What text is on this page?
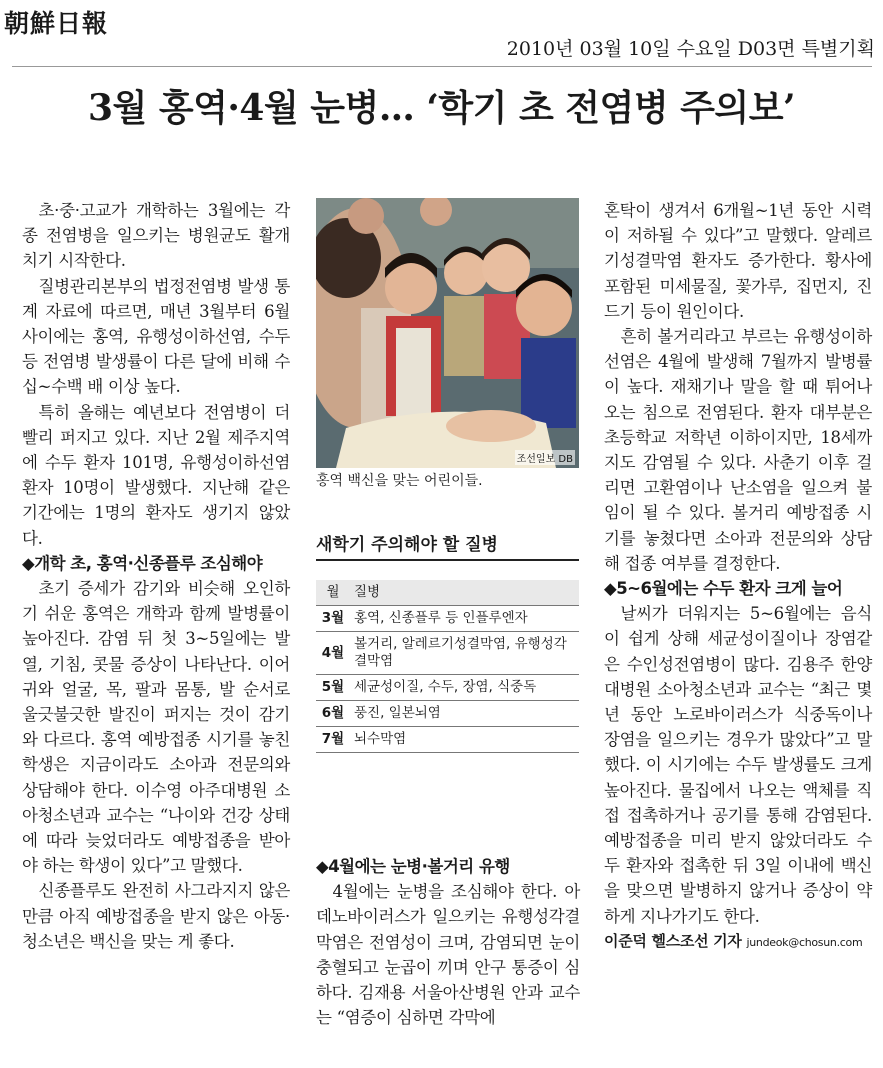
朝鮮日報
2010년 03월 10일 수요일 D03면 특별기획
3월 홍역·4월 눈병… ‘학기 초 전염병 주의보’

초·중·고교가 개학하는 3월에는 각종 전염병을 일으키는 병원균도 활개치기 시작한다.

질병관리본부의 법정전염병 발생 통계 자료에 따르면, 매년 3월부터 6월 사이에는 홍역, 유행성이하선염, 수두 등 전염병 발생률이 다른 달에 비해 수십~수백 배 이상 높다.

특히 올해는 예년보다 전염병이 더 빨리 퍼지고 있다. 지난 2월 제주지역에 수두 환자 101명, 유행성이하선염 환자 10명이 발생했다. 지난해 같은 기간에는 1명의 환자도 생기지 않았다.

◆개학 초, 홍역·신종플루 조심해야

초기 증세가 감기와 비슷해 오인하기 쉬운 홍역은 개학과 함께 발병률이 높아진다. 감염 뒤 첫 3~5일에는 발열, 기침, 콧물 증상이 나타난다. 이어 귀와 얼굴, 목, 팔과 몸통, 발 순서로 울긋불긋한 발진이 퍼지는 것이 감기와 다르다. 홍역 예방접종 시기를 놓친 학생은 지금이라도 소아과 전문의와 상담해야 한다. 이수영 아주대병원 소아청소년과 교수는 “나이와 건강 상태에 따라 늦었더라도 예방접종을 받아야 하는 학생이 있다”고 말했다.

신종플루도 완전히 사그라지지 않은 만큼 아직 예방접종을 받지 않은 아동·청소년은 백신을 맞는 게 좋다.

조선일보 DB
홍역 백신을 맞는 어린이들.
새학기 주의해야 할 질병
월	질병
3월	홍역, 신종플루 등 인플루엔자
4월	볼거리, 알레르기성결막염, 유행성각결막염
5월	세균성이질, 수두, 장염, 식중독
6월	풍진, 일본뇌염
7월	뇌수막염
◆4월에는 눈병·볼거리 유행

4월에는 눈병을 조심해야 한다. 아데노바이러스가 일으키는 유행성각결막염은 전염성이 크며, 감염되면 눈이 충혈되고 눈곱이 끼며 안구 통증이 심하다. 김재용 서울아산병원 안과 교수는 “염증이 심하면 각막에

혼탁이 생겨서 6개월~1년 동안 시력이 저하될 수 있다”고 말했다. 알레르기성결막염 환자도 증가한다. 황사에 포함된 미세물질, 꽃가루, 집먼지, 진드기 등이 원인이다.

흔히 볼거리라고 부르는 유행성이하선염은 4월에 발생해 7월까지 발병률이 높다. 재채기나 말을 할 때 튀어나오는 침으로 전염된다. 환자 대부분은 초등학교 저학년 이하이지만, 18세까지도 감염될 수 있다. 사춘기 이후 걸리면 고환염이나 난소염을 일으켜 불임이 될 수 있다. 볼거리 예방접종 시기를 놓쳤다면 소아과 전문의와 상담해 접종 여부를 결정한다.

◆5~6월에는 수두 환자 크게 늘어

날씨가 더워지는 5~6월에는 음식이 쉽게 상해 세균성이질이나 장염같은 수인성전염병이 많다. 김용주 한양대병원 소아청소년과 교수는 “최근 몇 년 동안 노로바이러스가 식중독이나 장염을 일으키는 경우가 많았다”고 말했다. 이 시기에는 수두 발생률도 크게 높아진다. 물집에서 나오는 액체를 직접 접촉하거나 공기를 통해 감염된다. 예방접종을 미리 받지 않았더라도 수두 환자와 접촉한 뒤 3일 이내에 백신을 맞으면 발병하지 않거나 증상이 약하게 지나가기도 한다.

이준덕 헬스조선 기자 jundeok@chosun.com
